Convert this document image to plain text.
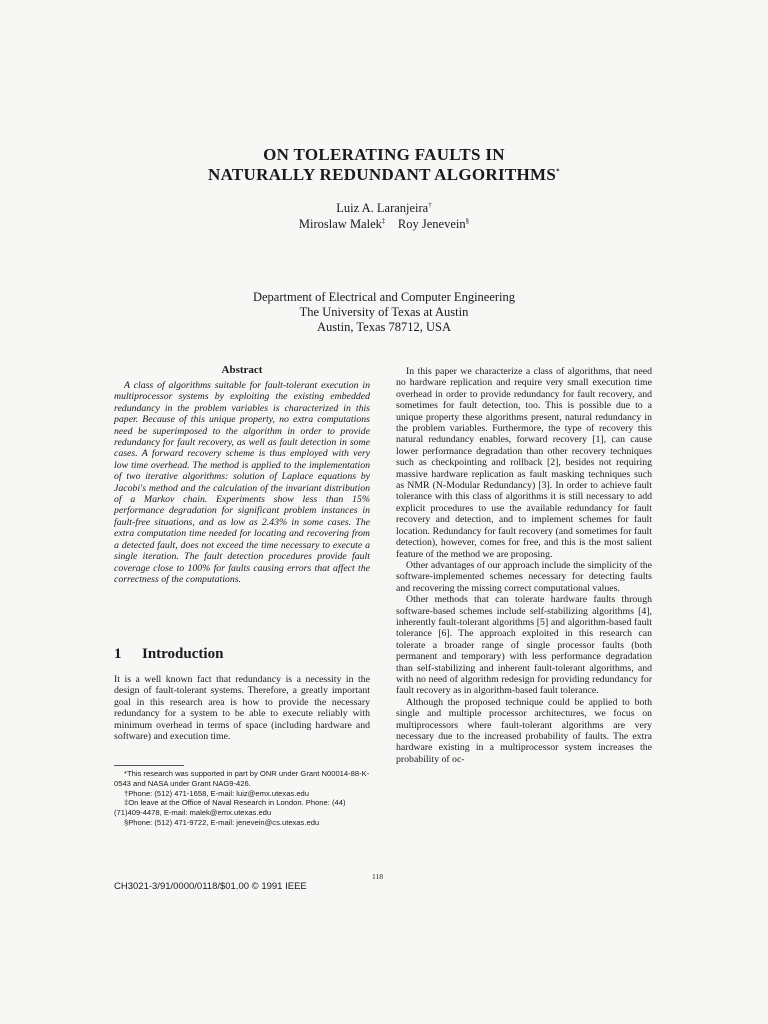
ON TOLERATING FAULTS IN
NATURALLY REDUNDANT ALGORITHMS*
Luiz A. Laranjeira†
Miroslaw Malek‡ Roy Jenevein§
Department of Electrical and Computer Engineering
The University of Texas at Austin
Austin, Texas 78712, USA
Abstract
A class of algorithms suitable for fault-tolerant execution in multiprocessor systems by exploiting the existing embedded redundancy in the problem variables is characterized in this paper. Because of this unique property, no extra computations need be superimposed to the algorithm in order to provide redundancy for fault recovery, as well as fault detection in some cases. A forward recovery scheme is thus employed with very low time overhead. The method is applied to the implementation of two iterative algorithms: solution of Laplace equations by Jacobi's method and the calculation of the invariant distribution of a Markov chain. Experiments show less than 15% performance degradation for significant problem instances in fault-free situations, and as low as 2.43% in some cases. The extra computation time needed for locating and recovering from a detected fault, does not exceed the time necessary to execute a single iteration. The fault detection procedures provide fault coverage close to 100% for faults causing errors that affect the correctness of the computations.
1 Introduction
It is a well known fact that redundancy is a necessity in the design of fault-tolerant systems. Therefore, a greatly important goal in this research area is how to provide the necessary redundancy for a system to be able to execute reliably with minimum overhead in terms of space (including hardware and software) and execution time.

*This research was supported in part by ONR under Grant N00014-88-K-0543 and NASA under Grant NAG9-426.

†Phone: (512) 471-1658, E-mail: luiz@emx.utexas.edu

‡On leave at the Office of Naval Research in London. Phone: (44)(71)409-4478, E-mail: malek@emx.utexas.edu

§Phone: (512) 471-9722, E-mail: jenevein@cs.utexas.edu

In this paper we characterize a class of algorithms, that need no hardware replication and require very small execution time overhead in order to provide redundancy for fault recovery, and sometimes for fault detection, too. This is possible due to a unique property these algorithms present, natural redundancy in the problem variables. Furthermore, the type of recovery this natural redundancy enables, forward recovery [1], can cause lower performance degradation than other recovery techniques such as checkpointing and rollback [2], besides not requiring massive hardware replication as fault masking techniques such as NMR (N-Modular Redundancy) [3]. In order to achieve fault tolerance with this class of algorithms it is still necessary to add explicit procedures to use the available redundancy for fault recovery and detection, and to implement schemes for fault location. Redundancy for fault recovery (and sometimes for fault detection), however, comes for free, and this is the most salient feature of the method we are proposing.

Other advantages of our approach include the simplicity of the software-implemented schemes necessary for detecting faults and recovering the missing correct computational values.

Other methods that can tolerate hardware faults through software-based schemes include self-stabilizing algorithms [4], inherently fault-tolerant algorithms [5] and algorithm-based fault tolerance [6]. The approach exploited in this research can tolerate a broader range of single processor faults (both permanent and temporary) with less performance degradation than self-stabilizing and inherent fault-tolerant algorithms, and with no need of algorithm redesign for providing redundancy for fault recovery as in algorithm-based fault tolerance.

Although the proposed technique could be applied to both single and multiple processor architectures, we focus on multiprocessors where fault-tolerant algorithms are very necessary due to the increased probability of faults. The extra hardware existing in a multiprocessor system increases the probability of oc-

118
CH3021-3/91/0000/0118/$01.00 © 1991 IEEE
